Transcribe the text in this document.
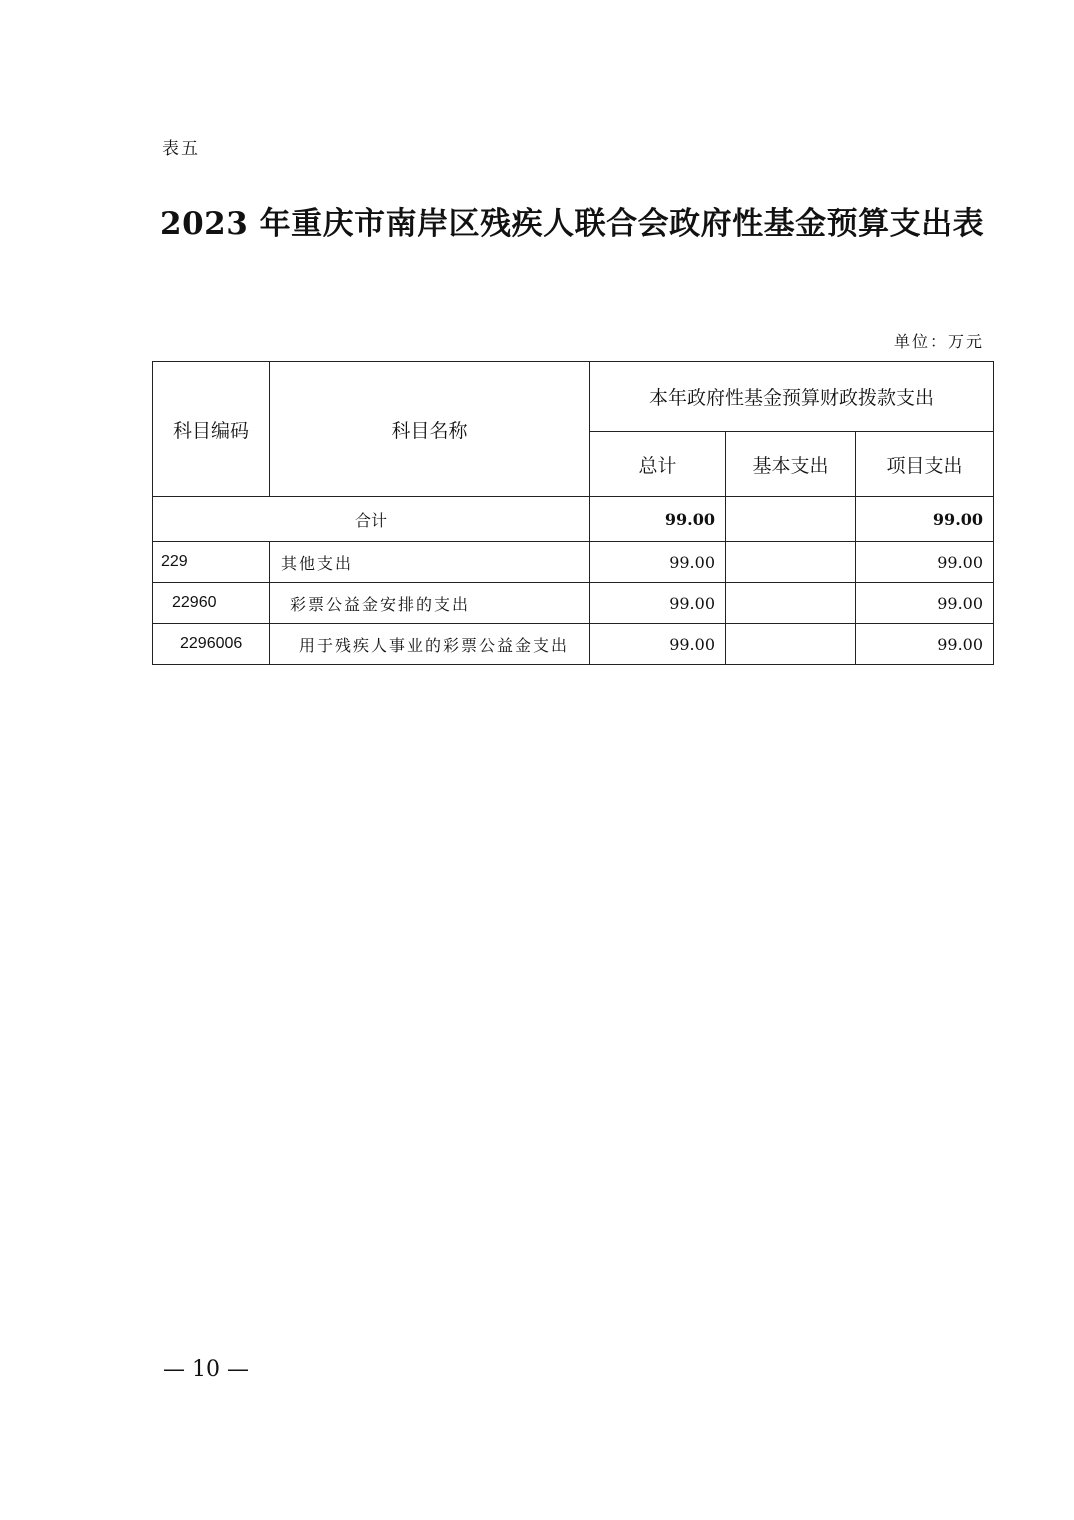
表五
2023 年重庆市南岸区残疾人联合会政府性基金预算支出表
单位：万元
科目编码	科目名称	本年政府性基金预算财政拨款支出		
		总计	基本支出	项目支出
合计		99.00		99.00
229	其他支出	99.00		99.00
22960	彩票公益金安排的支出	99.00		99.00
2296006	用于残疾人事业的彩票公益金支出	99.00		99.00
— 10 —
